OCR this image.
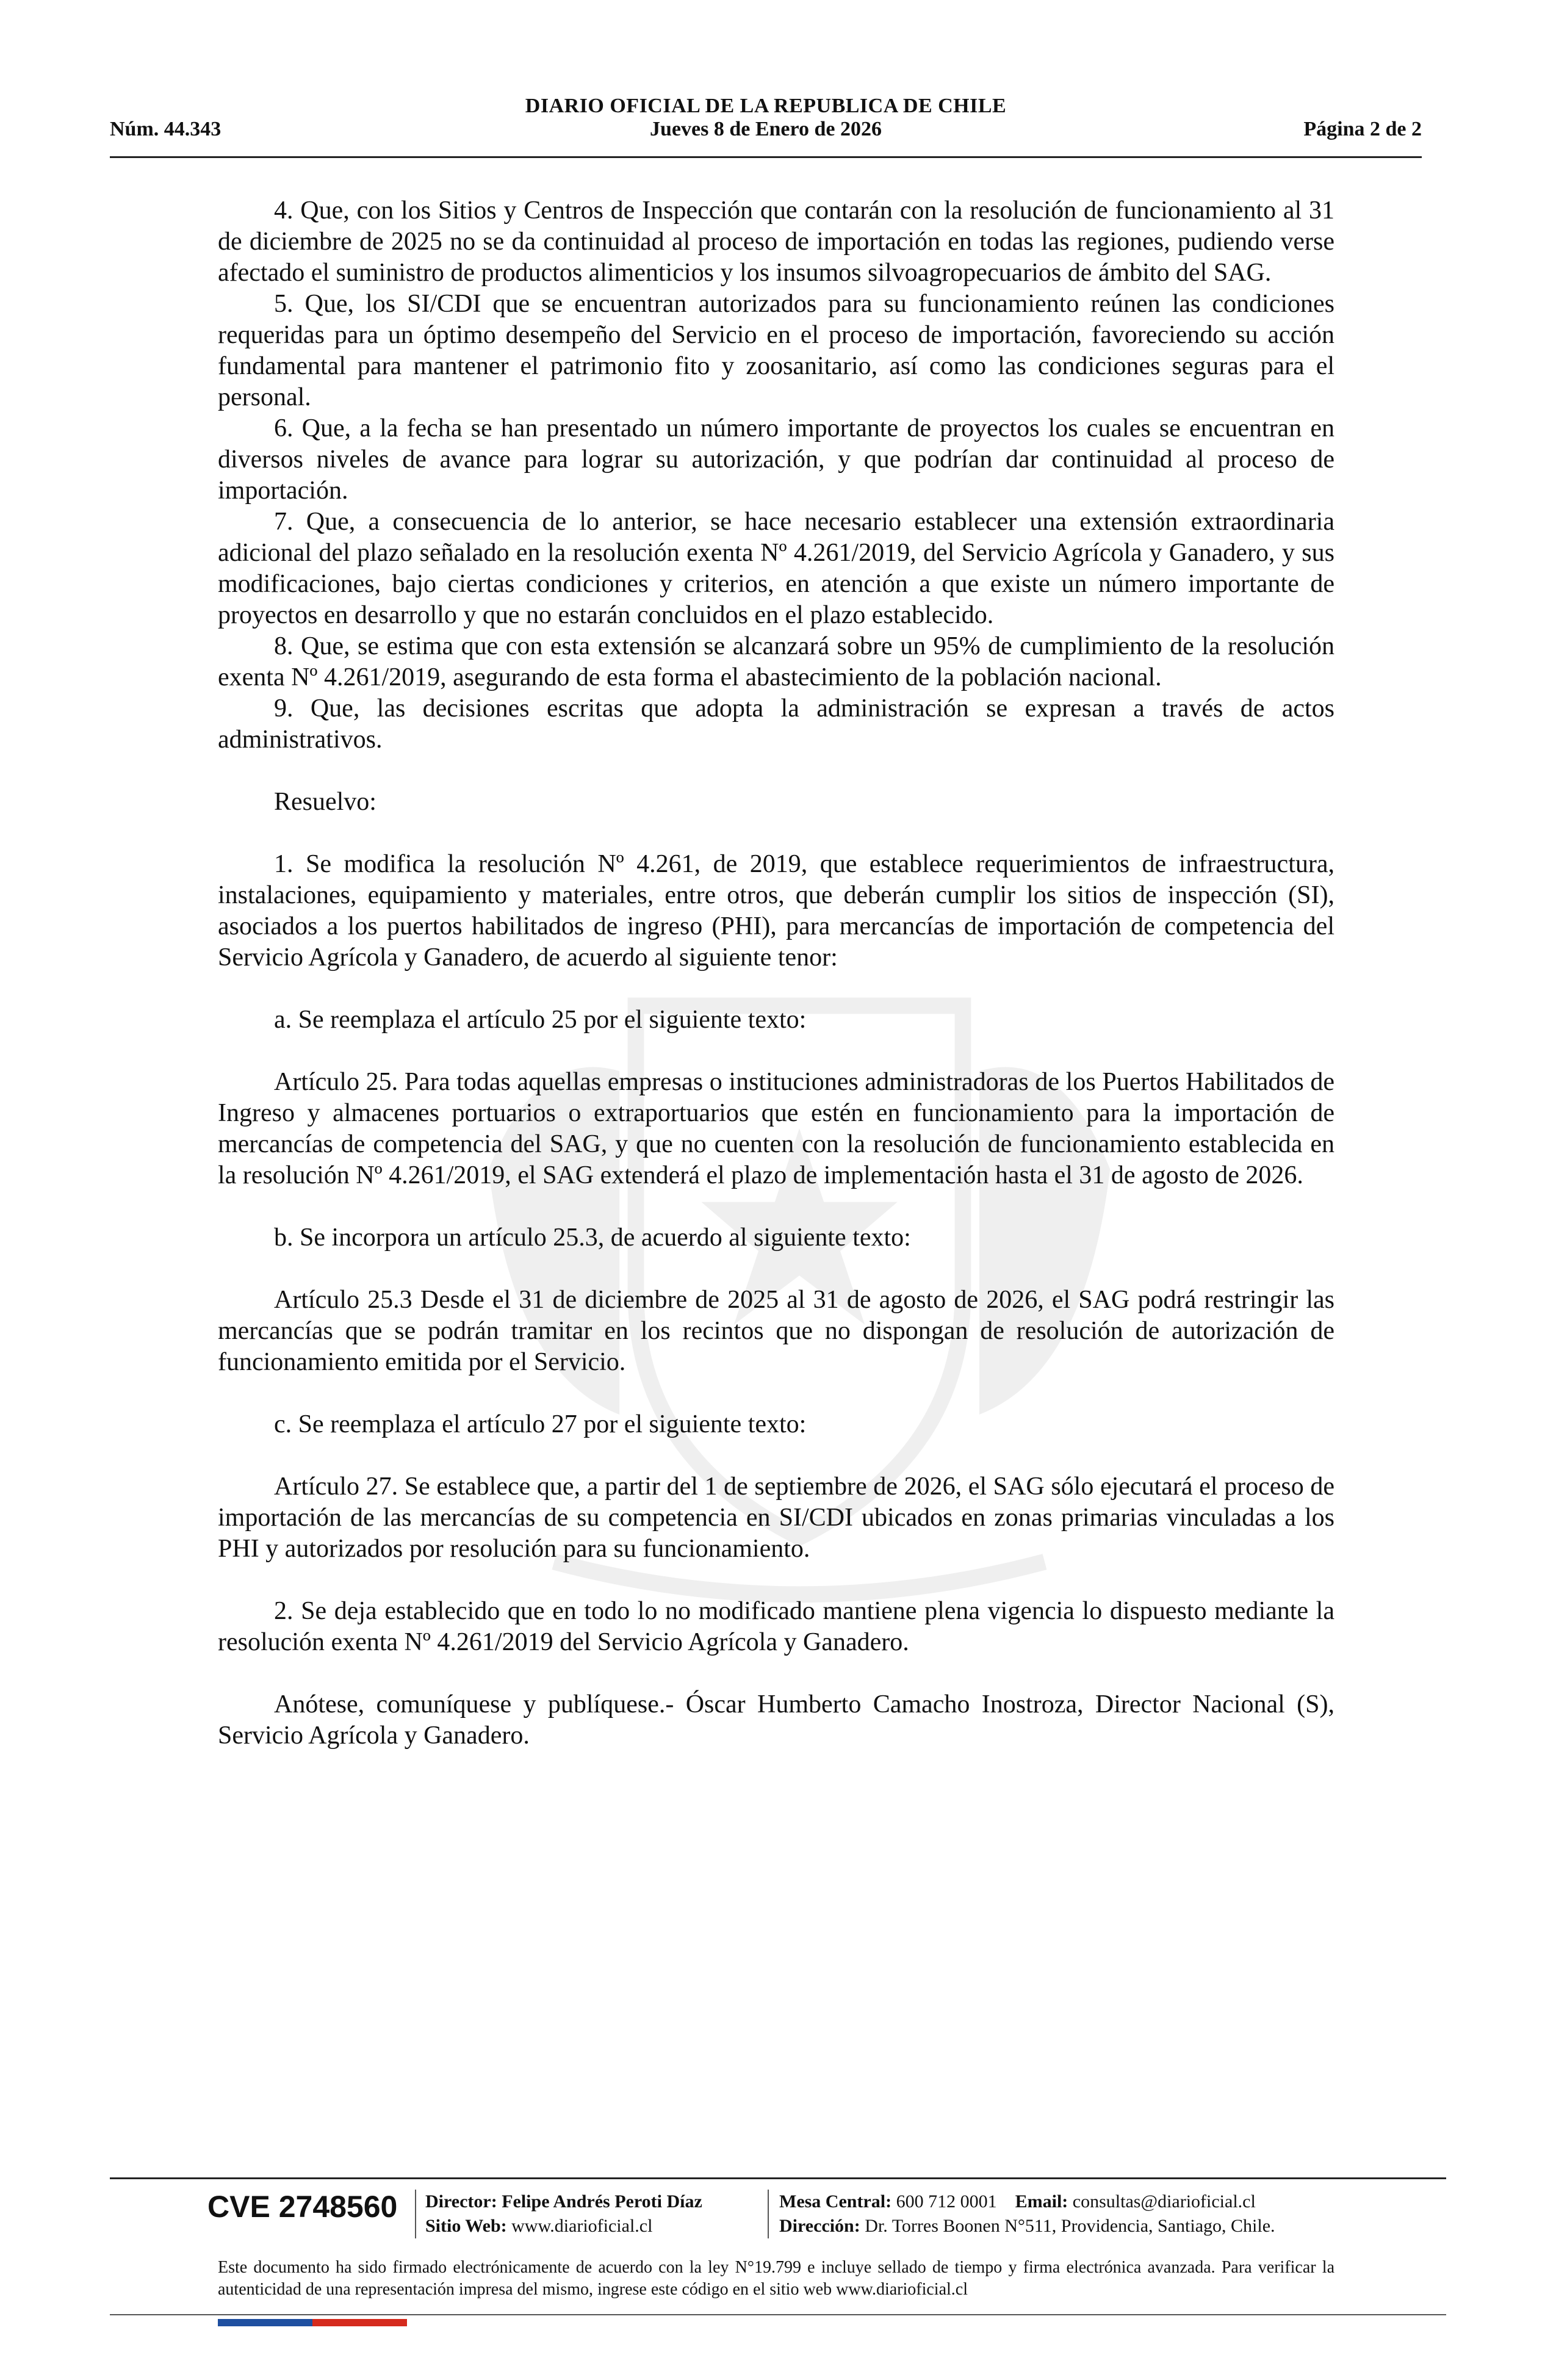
DIARIO OFICIAL DE LA REPUBLICA DE CHILE
Núm. 44.343	Jueves 8 de Enero de 2026	Página 2 de 2

4. Que, con los Sitios y Centros de Inspección que contarán con la resolución de funcionamiento al 31 de diciembre de 2025 no se da continuidad al proceso de importación en todas las regiones, pudiendo verse afectado el suministro de productos alimenticios y los insumos silvoagropecuarios de ámbito del SAG.

5. Que, los SI/CDI que se encuentran autorizados para su funcionamiento reúnen las condiciones requeridas para un óptimo desempeño del Servicio en el proceso de importación, favoreciendo su acción fundamental para mantener el patrimonio fito y zoosanitario, así como las condiciones seguras para el personal.

6. Que, a la fecha se han presentado un número importante de proyectos los cuales se encuentran en diversos niveles de avance para lograr su autorización, y que podrían dar continuidad al proceso de importación.

7. Que, a consecuencia de lo anterior, se hace necesario establecer una extensión extraordinaria adicional del plazo señalado en la resolución exenta Nº 4.261/2019, del Servicio Agrícola y Ganadero, y sus modificaciones, bajo ciertas condiciones y criterios, en atención a que existe un número importante de proyectos en desarrollo y que no estarán concluidos en el plazo establecido.

8. Que, se estima que con esta extensión se alcanzará sobre un 95% de cumplimiento de la resolución exenta Nº 4.261/2019, asegurando de esta forma el abastecimiento de la población nacional.

9. Que, las decisiones escritas que adopta la administración se expresan a través de actos administrativos.

Resuelvo:

1. Se modifica la resolución Nº 4.261, de 2019, que establece requerimientos de infraestructura, instalaciones, equipamiento y materiales, entre otros, que deberán cumplir los sitios de inspección (SI), asociados a los puertos habilitados de ingreso (PHI), para mercancías de importación de competencia del Servicio Agrícola y Ganadero, de acuerdo al siguiente tenor:

a. Se reemplaza el artículo 25 por el siguiente texto:

Artículo 25. Para todas aquellas empresas o instituciones administradoras de los Puertos Habilitados de Ingreso y almacenes portuarios o extraportuarios que estén en funcionamiento para la importación de mercancías de competencia del SAG, y que no cuenten con la resolución de funcionamiento establecida en la resolución Nº 4.261/2019, el SAG extenderá el plazo de implementación hasta el 31 de agosto de 2026.

b. Se incorpora un artículo 25.3, de acuerdo al siguiente texto:

Artículo 25.3 Desde el 31 de diciembre de 2025 al 31 de agosto de 2026, el SAG podrá restringir las mercancías que se podrán tramitar en los recintos que no dispongan de resolución de autorización de funcionamiento emitida por el Servicio.

c. Se reemplaza el artículo 27 por el siguiente texto:

Artículo 27. Se establece que, a partir del 1 de septiembre de 2026, el SAG sólo ejecutará el proceso de importación de las mercancías de su competencia en SI/CDI ubicados en zonas primarias vinculadas a los PHI y autorizados por resolución para su funcionamiento.

2. Se deja establecido que en todo lo no modificado mantiene plena vigencia lo dispuesto mediante la resolución exenta Nº 4.261/2019 del Servicio Agrícola y Ganadero.

Anótese, comuníquese y publíquese.- Óscar Humberto Camacho Inostroza, Director Nacional (S), Servicio Agrícola y Ganadero.

CVE 2748560 Director: Felipe Andrés Peroti Díaz
Sitio Web: www.diarioficial.cl
Mesa Central: 600 712 0001 Email: consultas@diarioficial.cl
Dirección: Dr. Torres Boonen N°511, Providencia, Santiago, Chile.
Este documento ha sido firmado electrónicamente de acuerdo con la ley N°19.799 e incluye sellado de tiempo y firma electrónica avanzada. Para verificar la autenticidad de una representación impresa del mismo, ingrese este código en el sitio web www.diarioficial.cl
